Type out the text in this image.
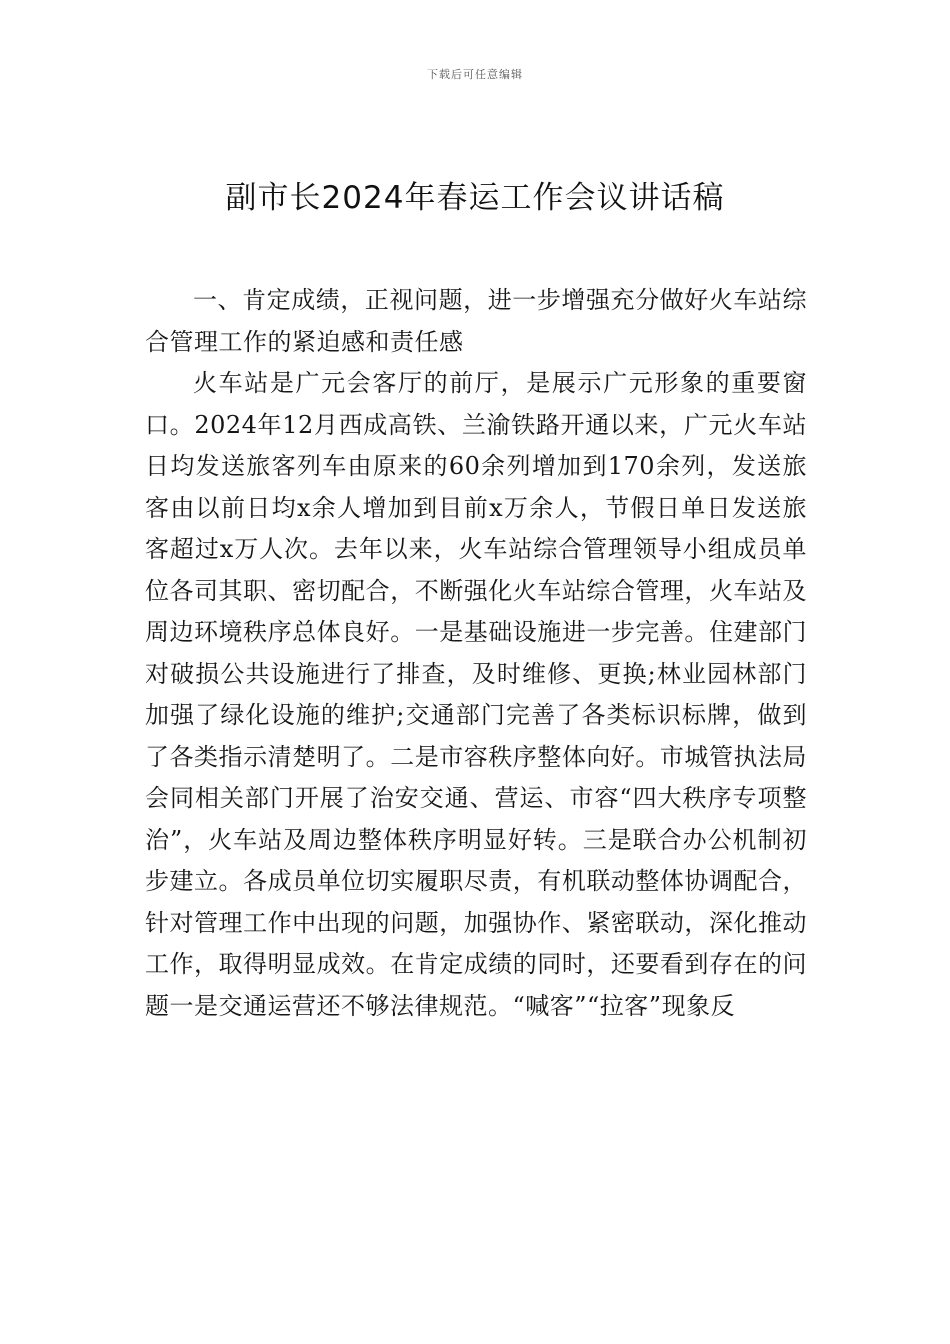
下载后可任意编辑
副市长2024年春运工作会议讲话稿

一、肯定成绩，正视问题，进一步增强充分做好火车站综合管理工作的紧迫感和责任感

火车站是广元会客厅的前厅，是展示广元形象的重要窗口。2024年12月西成高铁、兰渝铁路开通以来，广元火车站日均发送旅客列车由原来的60余列增加到170余列，发送旅客由以前日均x余人增加到目前x万余人，节假日单日发送旅客超过x万人次。去年以来，火车站综合管理领导小组成员单位各司其职、密切配合，不断强化火车站综合管理，火车站及周边环境秩序总体良好。一是基础设施进一步完善。住建部门对破损公共设施进行了排查，及时维修、更换;林业园林部门加强了绿化设施的维护;交通部门完善了各类标识标牌，做到了各类指示清楚明了。二是市容秩序整体向好。市城管执法局会同相关部门开展了治安交通、营运、市容“四大秩序专项整治”，火车站及周边整体秩序明显好转。三是联合办公机制初步建立。各成员单位切实履职尽责，有机联动整体协调配合，针对管理工作中出现的问题，加强协作、紧密联动，深化推动工作，取得明显成效。在肯定成绩的同时，还要看到存在的问题一是交通运营还不够法律规范。“喊客”“拉客”现象反
